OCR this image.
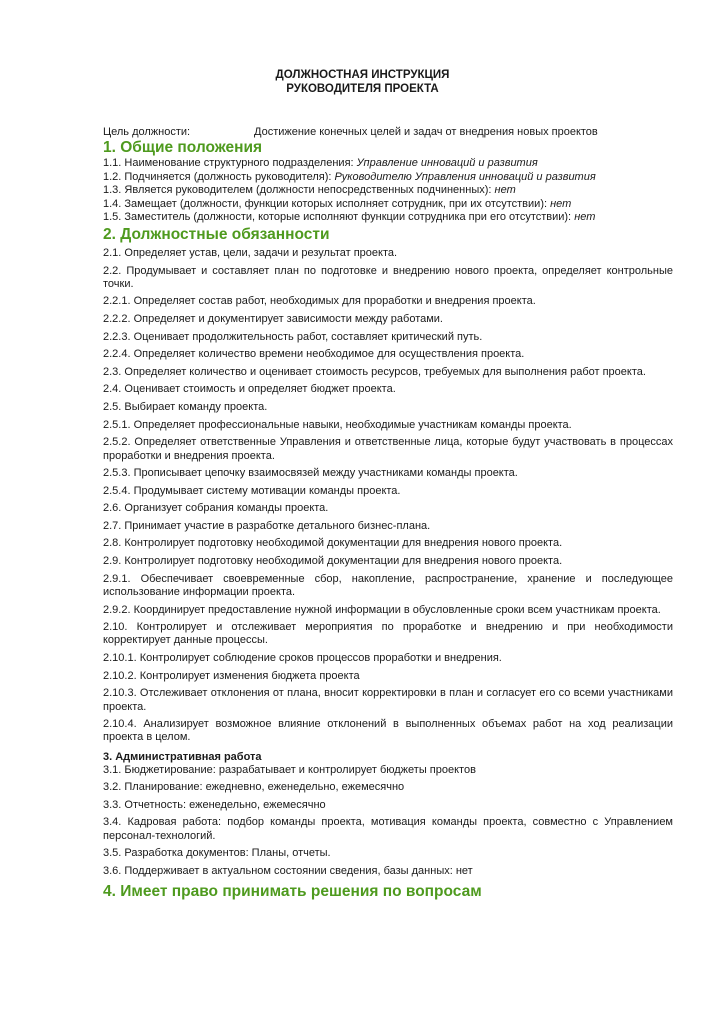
ДОЛЖНОСТНАЯ ИНСТРУКЦИЯ
РУКОВОДИТЕЛЯ ПРОЕКТА
Цель должности:	Достижение конечных целей и задач от внедрения новых проектов
1. Общие положения
1.1. Наименование структурного подразделения: Управление инноваций и развития
1.2. Подчиняется (должность руководителя): Руководителю Управления инноваций и развития
1.3. Является руководителем (должности непосредственных подчиненных): нет
1.4. Замещает (должности, функции которых исполняет сотрудник, при их отсутствии): нет
1.5. Заместитель (должности, которые исполняют функции сотрудника при его отсутствии): нет
2. Должностные обязанности
2.1. Определяет устав, цели, задачи и результат проекта.
2.2. Продумывает и составляет план по подготовке и внедрению нового проекта, определяет контрольные точки.
2.2.1. Определяет состав работ, необходимых для проработки и внедрения проекта.
2.2.2. Определяет и документирует зависимости между работами.
2.2.3. Оценивает продолжительность работ, составляет критический путь.
2.2.4. Определяет количество времени необходимое для осуществления проекта.
2.3. Определяет количество и оценивает стоимость ресурсов, требуемых для выполнения работ проекта.
2.4. Оценивает стоимость и определяет бюджет проекта.
2.5. Выбирает команду проекта.
2.5.1. Определяет профессиональные навыки, необходимые участникам команды проекта.
2.5.2. Определяет ответственные Управления и ответственные лица, которые будут участвовать в процессах проработки и внедрения проекта.
2.5.3. Прописывает цепочку взаимосвязей между участниками команды проекта.
2.5.4. Продумывает систему мотивации команды проекта.
2.6. Организует собрания команды проекта.
2.7. Принимает участие в разработке детального бизнес-плана.
2.8. Контролирует подготовку необходимой документации для внедрения нового проекта.
2.9. Контролирует подготовку необходимой документации для внедрения нового проекта.
2.9.1. Обеспечивает своевременные сбор, накопление, распространение, хранение и последующее использование информации проекта.
2.9.2. Координирует предоставление нужной информации в обусловленные сроки всем участникам проекта.
2.10. Контролирует и отслеживает мероприятия по проработке и внедрению и при необходимости корректирует данные процессы.
2.10.1. Контролирует соблюдение сроков процессов проработки и внедрения.
2.10.2. Контролирует изменения бюджета проекта
2.10.3. Отслеживает отклонения от плана, вносит корректировки в план и согласует его со всеми участниками проекта.
2.10.4. Анализирует возможное влияние отклонений в выполненных объемах работ на ход реализации проекта в целом.
3. Административная работа
3.1. Бюджетирование: разрабатывает и контролирует бюджеты проектов
3.2. Планирование: ежедневно, еженедельно, ежемесячно
3.3. Отчетность: еженедельно, ежемесячно
3.4. Кадровая работа: подбор команды проекта, мотивация команды проекта, совместно с Управлением персонал-технологий.
3.5. Разработка документов: Планы, отчеты.
3.6. Поддерживает в актуальном состоянии сведения, базы данных: нет
4. Имеет право принимать решения по вопросам
